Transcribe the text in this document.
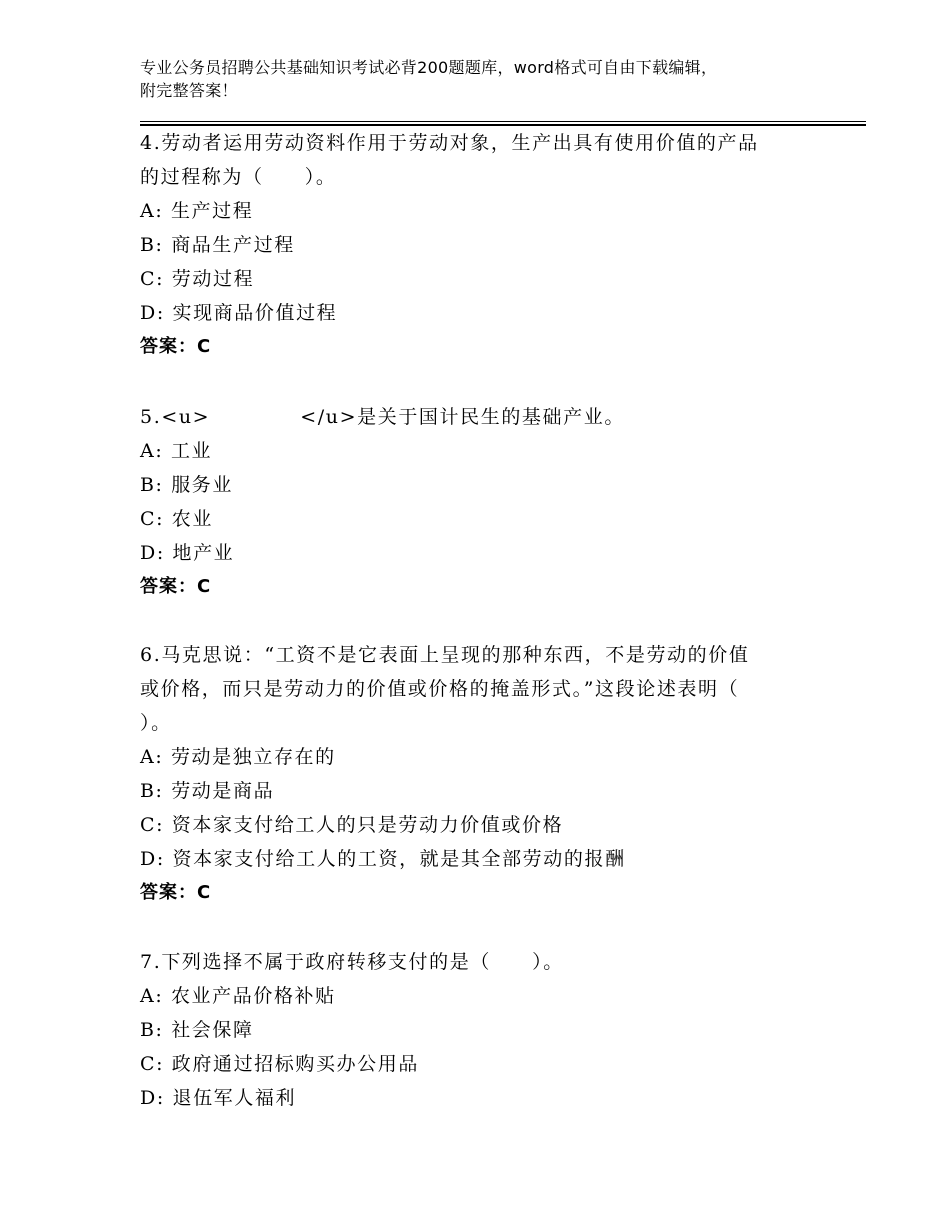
专业公务员招聘公共基础知识考试必背200题题库，word格式可自由下载编辑，
附完整答案！
4.劳动者运用劳动资料作用于劳动对象，生产出具有使用价值的产品
的过程称为（　　）。
A: 生产过程
B: 商品生产过程
C: 劳动过程
D: 实现商品价值过程
答案：C
5.<u>　　　　 </u>是关于国计民生的基础产业。
A: 工业
B: 服务业
C: 农业
D: 地产业
答案：C
6.马克思说：“工资不是它表面上呈现的那种东西，不是劳动的价值
或价格，而只是劳动力的价值或价格的掩盖形式。”这段论述表明（
）。
A: 劳动是独立存在的
B: 劳动是商品
C: 资本家支付给工人的只是劳动力价值或价格
D: 资本家支付给工人的工资，就是其全部劳动的报酬
答案：C
7.下列选择不属于政府转移支付的是（　　）。
A: 农业产品价格补贴
B: 社会保障
C: 政府通过招标购买办公用品
D: 退伍军人福利
